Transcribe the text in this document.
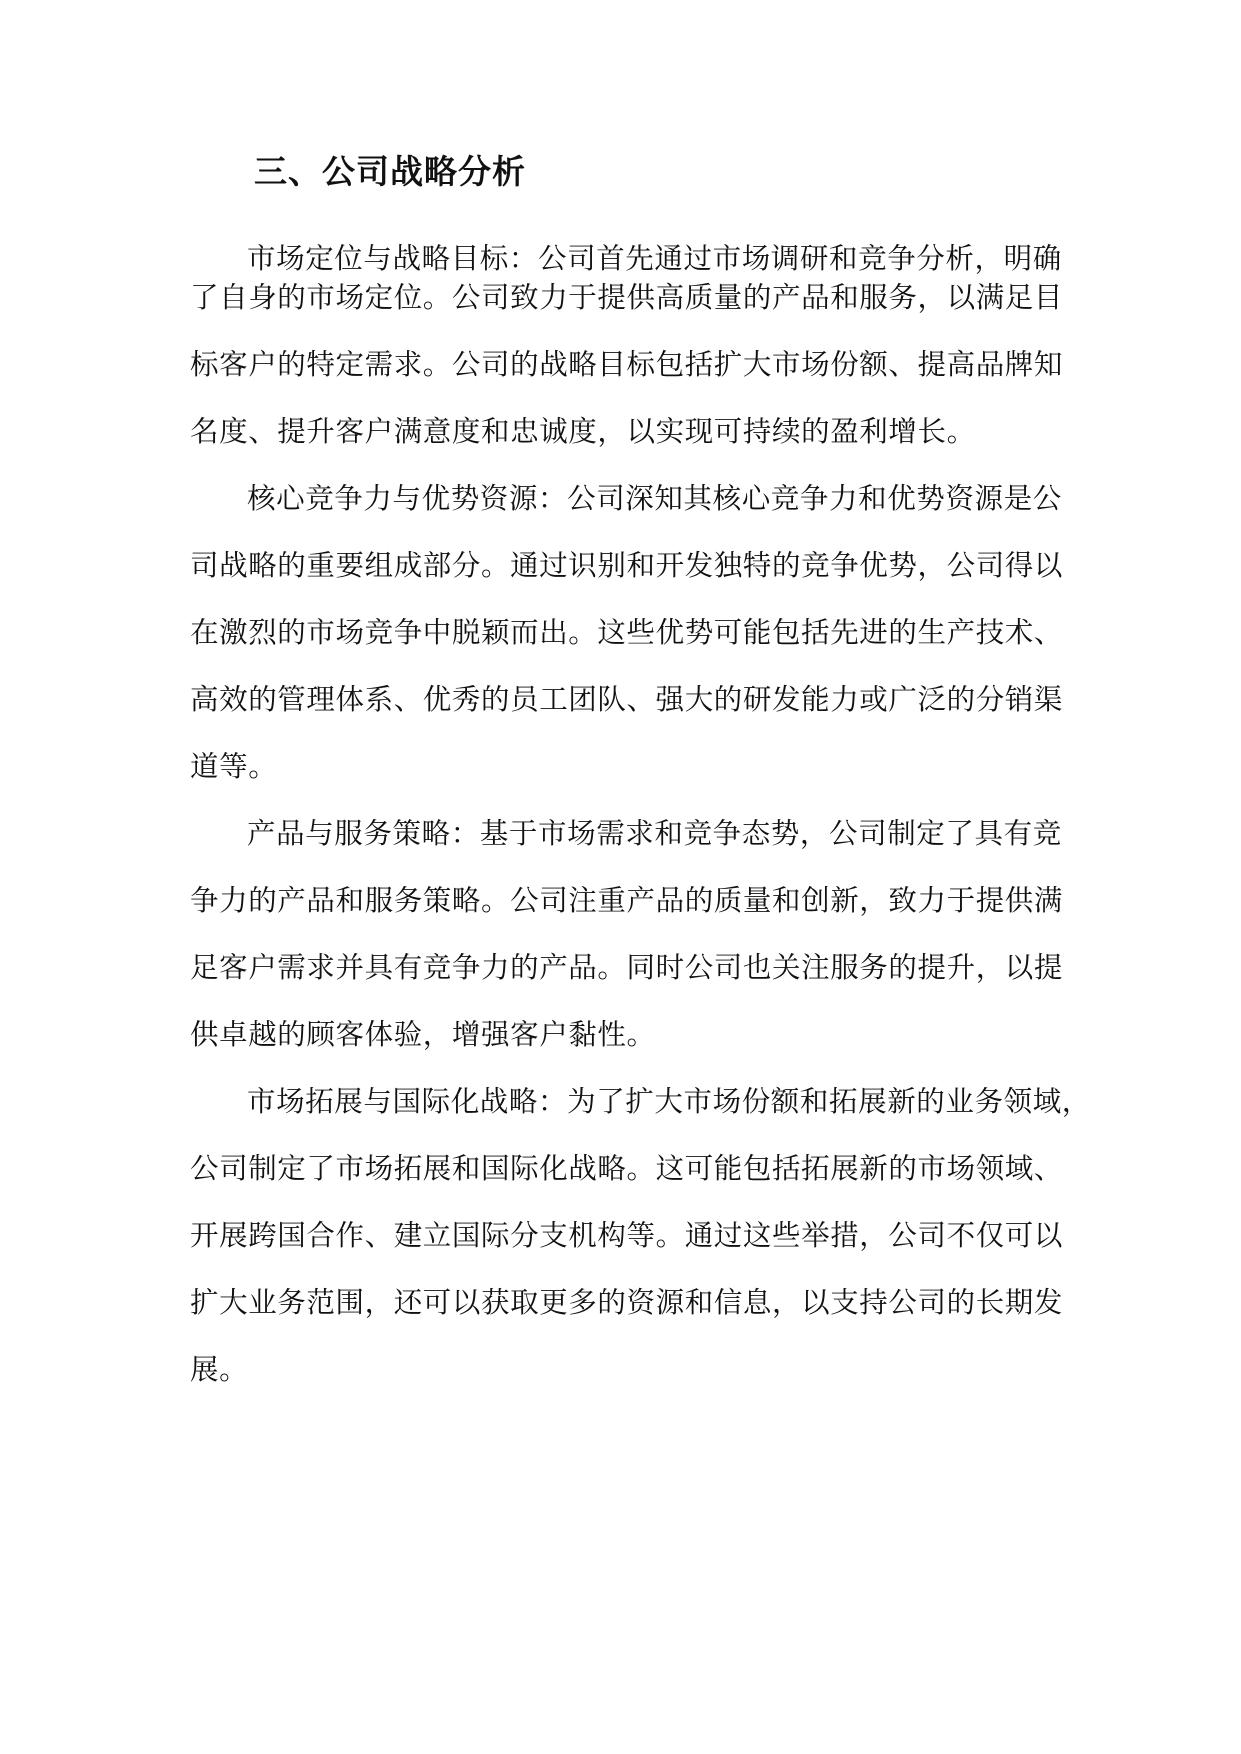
三、公司战略分析
市场定位与战略目标：公司首先通过市场调研和竞争分析，明确
了自身的市场定位。公司致力于提供高质量的产品和服务，以满足目
标客户的特定需求。公司的战略目标包括扩大市场份额、提高品牌知
名度、提升客户满意度和忠诚度，以实现可持续的盈利增长。
核心竞争力与优势资源：公司深知其核心竞争力和优势资源是公
司战略的重要组成部分。通过识别和开发独特的竞争优势，公司得以
在激烈的市场竞争中脱颖而出。这些优势可能包括先进的生产技术、
高效的管理体系、优秀的员工团队、强大的研发能力或广泛的分销渠
道等。
产品与服务策略：基于市场需求和竞争态势，公司制定了具有竞
争力的产品和服务策略。公司注重产品的质量和创新，致力于提供满
足客户需求并具有竞争力的产品。同时公司也关注服务的提升，以提
供卓越的顾客体验，增强客户黏性。
市场拓展与国际化战略：为了扩大市场份额和拓展新的业务领域，
公司制定了市场拓展和国际化战略。这可能包括拓展新的市场领域、
开展跨国合作、建立国际分支机构等。通过这些举措，公司不仅可以
扩大业务范围，还可以获取更多的资源和信息，以支持公司的长期发
展。
